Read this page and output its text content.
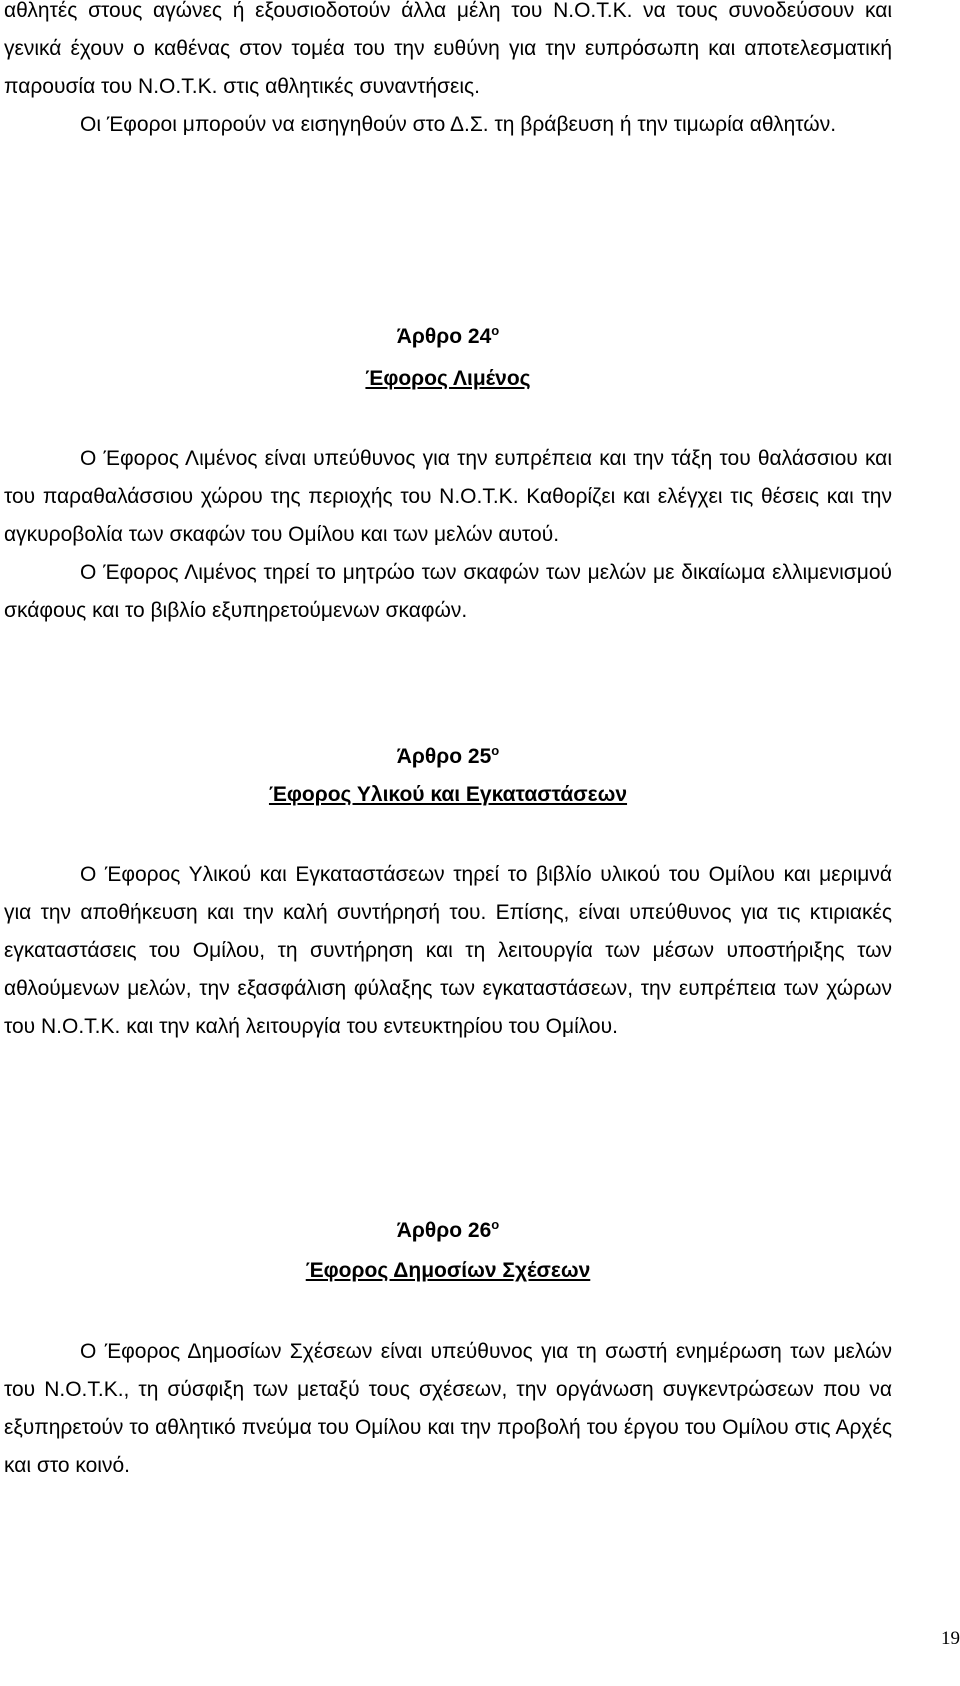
αθλητές στους αγώνες ή εξουσιοδοτούν άλλα μέλη του Ν.Ο.Τ.Κ. να τους συνοδεύσουν και γενικά έχουν ο καθένας στον τομέα του την ευθύνη για την ευπρόσωπη και αποτελεσματική παρουσία του Ν.Ο.Τ.Κ. στις αθλητικές συναντήσεις.
Οι Έφοροι μπορούν να εισηγηθούν στο Δ.Σ. τη βράβευση ή την τιμωρία αθλητών.
Άρθρο $24^o$
Έφορος Λιμένος
Ο Έφορος Λιμένος είναι υπεύθυνος για την ευπρέπεια και την τάξη του θαλάσσιου και του παραθαλάσσιου χώρου της περιοχής του Ν.Ο.Τ.Κ. Καθορίζει και ελέγχει τις θέσεις και την αγκυροβολία των σκαφών του Ομίλου και των μελών αυτού.
Ο Έφορος Λιμένος τηρεί το μητρώο των σκαφών των μελών με δικαίωμα ελλιμενισμού σκάφους και το βιβλίο εξυπηρετούμενων σκαφών.
Άρθρο $25^o$
Έφορος Υλικού και Εγκαταστάσεων
Ο Έφορος Υλικού και Εγκαταστάσεων τηρεί το βιβλίο υλικού του Ομίλου και μεριμνά για την αποθήκευση και την καλή συντήρησή του. Επίσης, είναι υπεύθυνος για τις κτιριακές εγκαταστάσεις του Ομίλου, τη συντήρηση και τη λειτουργία των μέσων υποστήριξης των αθλούμενων μελών, την εξασφάλιση φύλαξης των εγκαταστάσεων, την ευπρέπεια των χώρων του Ν.Ο.Τ.Κ. και την καλή λειτουργία του εντευκτηρίου του Ομίλου.
Άρθρο $26^o$
Έφορος Δημοσίων Σχέσεων
Ο Έφορος Δημοσίων Σχέσεων είναι υπεύθυνος για τη σωστή ενημέρωση των μελών του Ν.Ο.Τ.Κ., τη σύσφιξη των μεταξύ τους σχέσεων, την οργάνωση συγκεντρώσεων που να εξυπηρετούν το αθλητικό πνεύμα του Ομίλου και την προβολή του έργου του Ομίλου στις Αρχές και στο κοινό.
19
